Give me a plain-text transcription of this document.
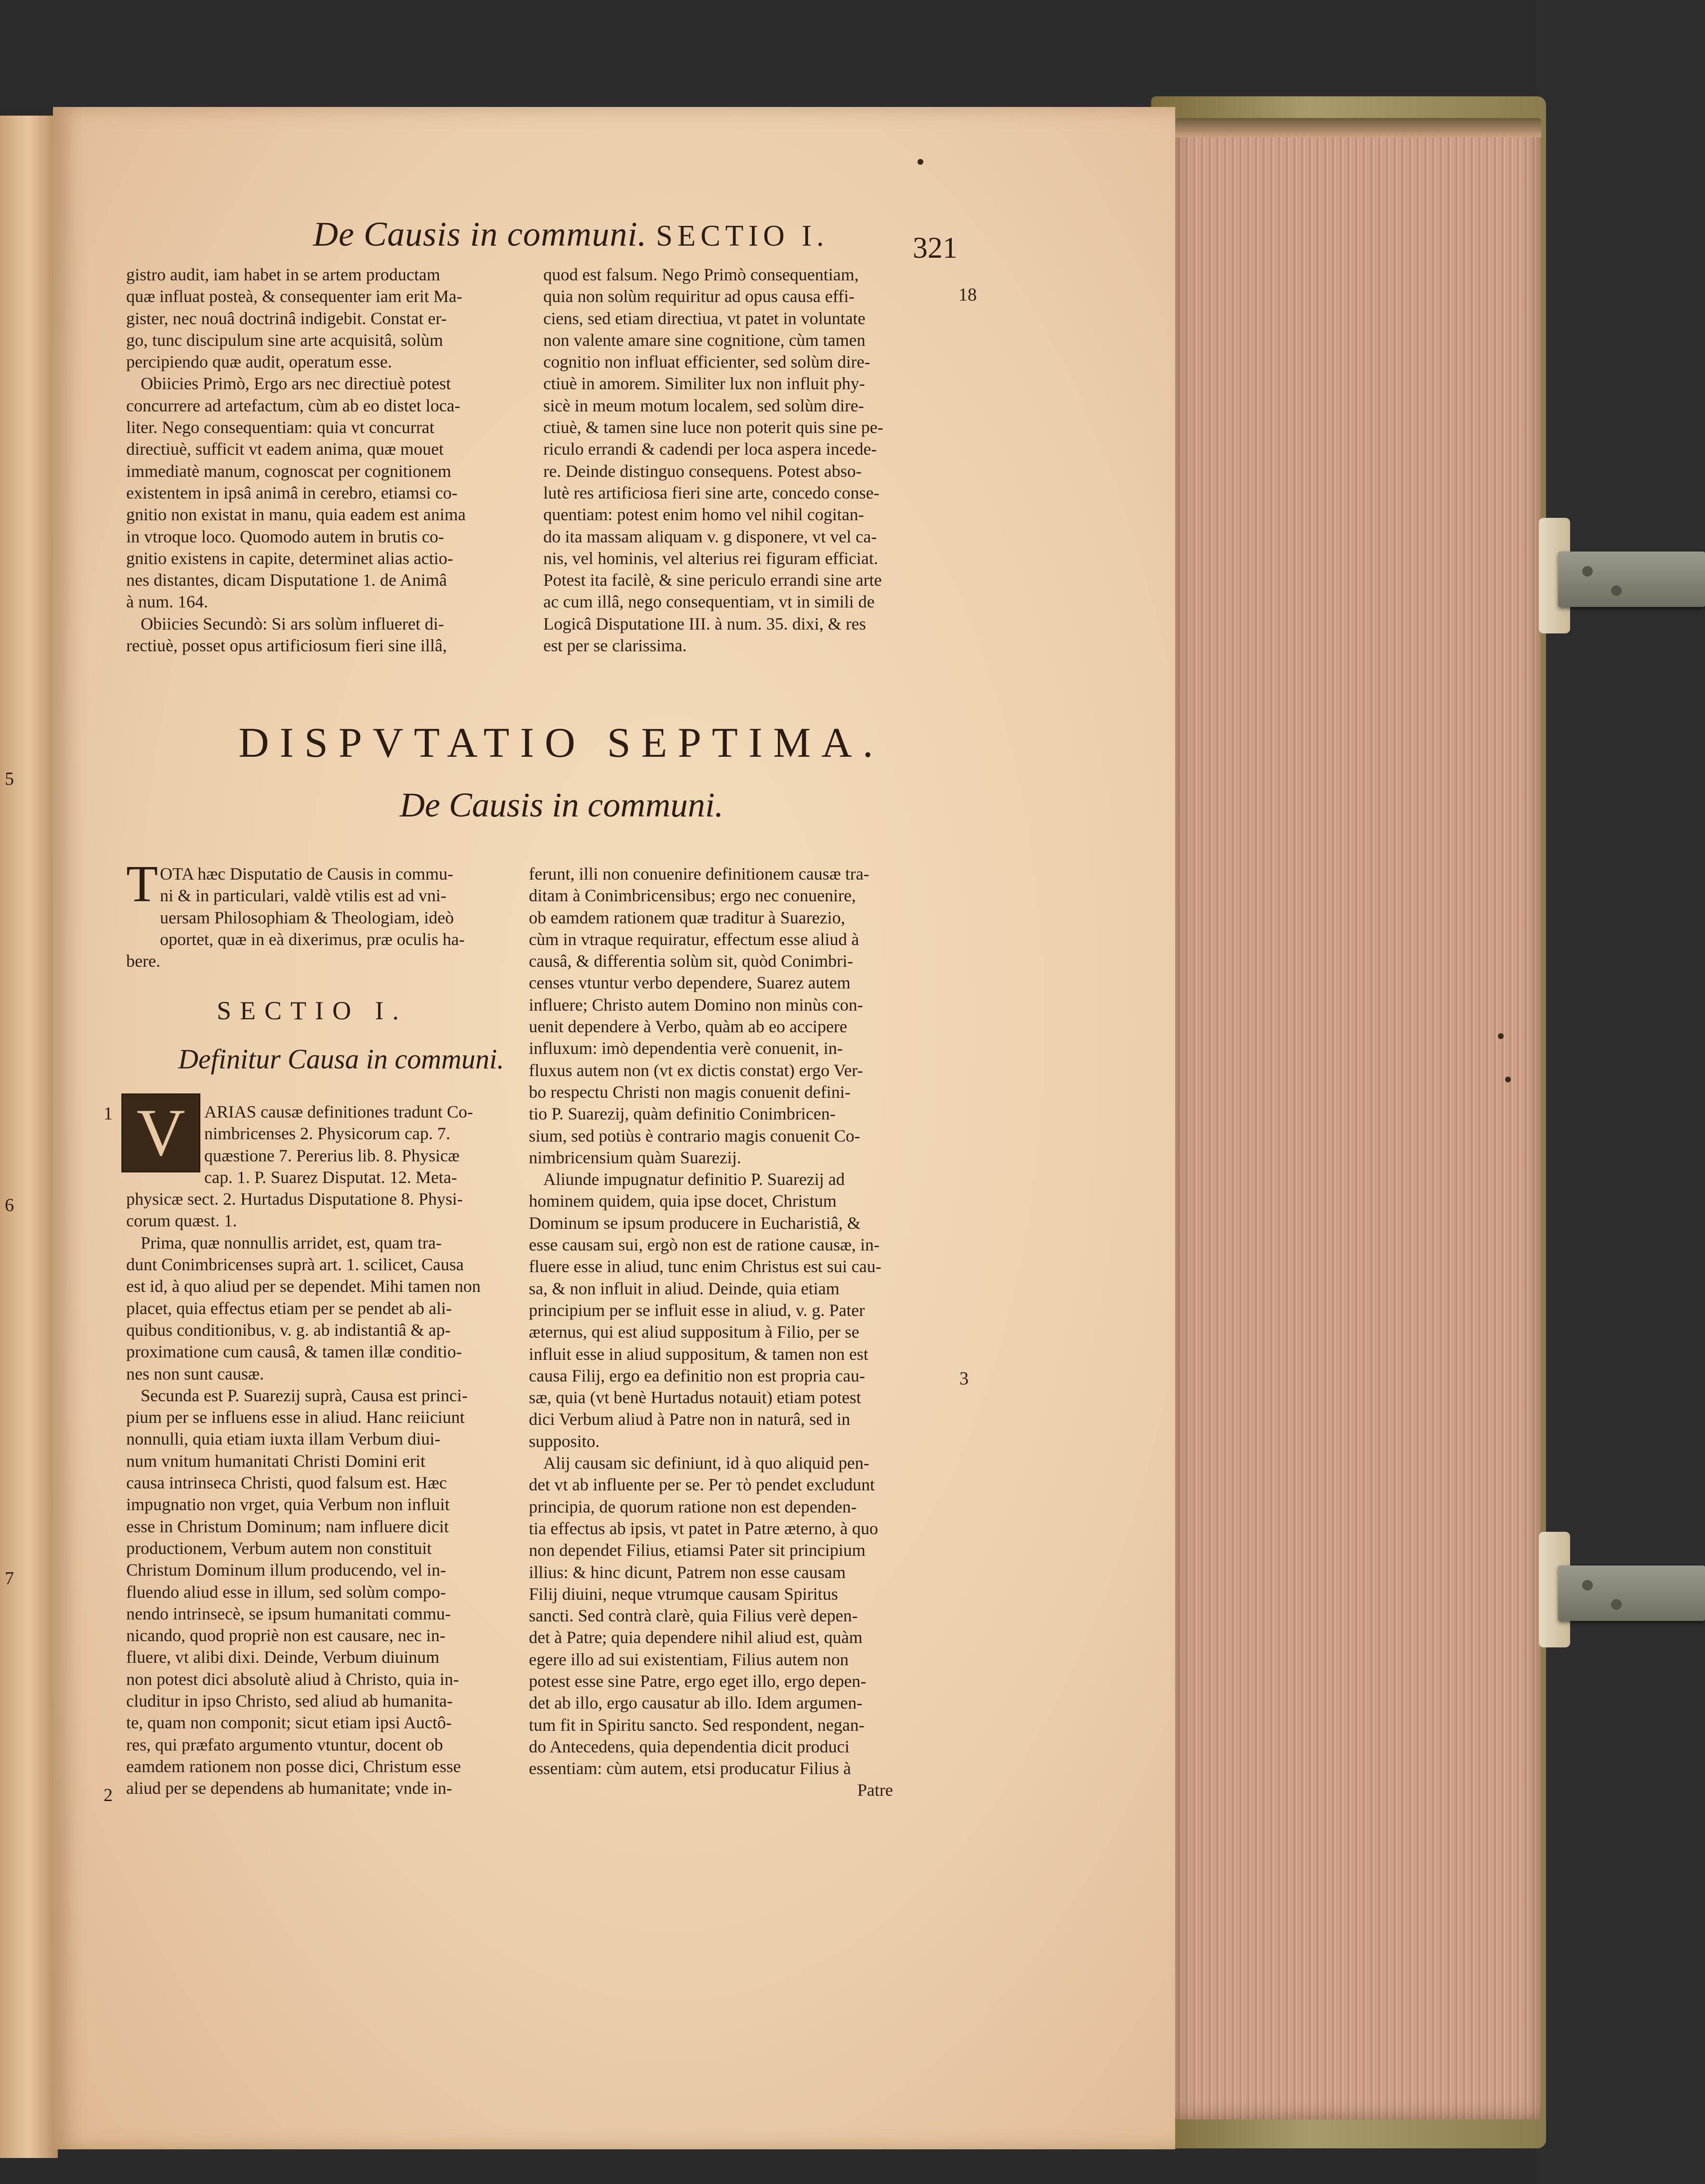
De Causis in communi. SECTIO I.	321
gistro audit, iam habet in se artem productam
quæ influat posteà, & consequenter iam erit Ma-
gister, nec nouâ doctrinâ indigebit. Constat er-
go, tunc discipulum sine arte acquisitâ, solùm
percipiendo quæ audit, operatum esse.
Obiicies Primò, Ergo ars nec directiuè potest
concurrere ad artefactum, cùm ab eo distet loca-
liter. Nego consequentiam: quia vt concurrat
directiuè, sufficit vt eadem anima, quæ mouet
immediatè manum, cognoscat per cognitionem
existentem in ipsâ animâ in cerebro, etiamsi co-
gnitio non existat in manu, quia eadem est anima
in vtroque loco. Quomodo autem in brutis co-
gnitio existens in capite, determinet alias actio-
nes distantes, dicam Disputatione 1. de Animâ
à num. 164.
Obiicies Secundò: Si ars solùm influeret di-
rectiuè, posset opus artificiosum fieri sine illâ,
quod est falsum. Nego Primò consequentiam,
quia non solùm requiritur ad opus causa effi-
ciens, sed etiam directiua, vt patet in voluntate
non valente amare sine cognitione, cùm tamen
cognitio non influat efficienter, sed solùm dire-
ctiuè in amorem. Similiter lux non influit phy-
sicè in meum motum localem, sed solùm dire-
ctiuè, & tamen sine luce non poterit quis sine pe-
riculo errandi & cadendi per loca aspera incede-
re. Deinde distinguo consequens. Potest abso-
lutè res artificiosa fieri sine arte, concedo conse-
quentiam: potest enim homo vel nihil cogitan-
do ita massam aliquam v. g disponere, vt vel ca-
nis, vel hominis, vel alterius rei figuram efficiat.
Potest ita facilè, & sine periculo errandi sine arte
ac cum illâ, nego consequentiam, vt in simili de
Logicâ Disputatione III. à num. 35. dixi, & res
est per se clarissima.
DISPVTATIO SEPTIMA.
De Causis in communi.
T OTA hæc Disputatio de Causis in commu-
ni & in particulari, valdè vtilis est ad vni-
uersam Philosophiam & Theologiam, ideò
oportet, quæ in eà dixerimus, præ oculis ha-
bere.
SECTIO I.
Definitur Causa in communi.
V	ARIAS causæ definitiones tradunt Co-
nimbricenses 2. Physicorum cap. 7.
quæstione 7. Pererius lib. 8. Physicæ
cap. 1. P. Suarez Disputat. 12. Meta-
physicæ sect. 2. Hurtadus Disputatione 8. Physi-
corum quæst. 1.
Prima, quæ nonnullis arridet, est, quam tra-
dunt Conimbricenses suprà art. 1. scilicet, Causa
est id, à quo aliud per se dependet. Mihi tamen non
placet, quia effectus etiam per se pendet ab ali-
quibus conditionibus, v. g. ab indistantiâ & ap-
proximatione cum causâ, & tamen illæ conditio-
nes non sunt causæ.
Secunda est P. Suarezij suprà, Causa est princi-
pium per se influens esse in aliud. Hanc reiiciunt
nonnulli, quia etiam iuxta illam Verbum diui-
num vnitum humanitati Christi Domini erit
causa intrinseca Christi, quod falsum est. Hæc
impugnatio non vrget, quia Verbum non influit
esse in Christum Dominum; nam influere dicit
productionem, Verbum autem non constituit
Christum Dominum illum producendo, vel in-
fluendo aliud esse in illum, sed solùm compo-
nendo intrinsecè, se ipsum humanitati commu-
nicando, quod propriè non est causare, nec in-
fluere, vt alibi dixi. Deinde, Verbum diuinum
non potest dici absolutè aliud à Christo, quia in-
cluditur in ipso Christo, sed aliud ab humanita-
te, quam non componit; sicut etiam ipsi Auctô-
res, qui præfato argumento vtuntur, docent ob
eamdem rationem non posse dici, Christum esse
aliud per se dependens ab humanitate; vnde in-
ferunt, illi non conuenire definitionem causæ tra-
ditam à Conimbricensibus; ergo nec conuenire,
ob eamdem rationem quæ traditur à Suarezio,
cùm in vtraque requiratur, effectum esse aliud à
causâ, & differentia solùm sit, quòd Conimbri-
censes vtuntur verbo dependere, Suarez autem
influere; Christo autem Domino non minùs con-
uenit dependere à Verbo, quàm ab eo accipere
influxum: imò dependentia verè conuenit, in-
fluxus autem non (vt ex dictis constat) ergo Ver-
bo respectu Christi non magis conuenit defini-
tio P. Suarezij, quàm definitio Conimbricen-
sium, sed potiùs è contrario magis conuenit Co-
nimbricensium quàm Suarezij.
Aliunde impugnatur definitio P. Suarezij ad
hominem quidem, quia ipse docet, Christum
Dominum se ipsum producere in Eucharistiâ, &
esse causam sui, ergò non est de ratione causæ, in-
fluere esse in aliud, tunc enim Christus est sui cau-
sa, & non influit in aliud. Deinde, quia etiam
principium per se influit esse in aliud, v. g. Pater
æternus, qui est aliud suppositum à Filio, per se
influit esse in aliud suppositum, & tamen non est
causa Filij, ergo ea definitio non est propria cau-
sæ, quia (vt benè Hurtadus notauit) etiam potest
dici Verbum aliud à Patre non in naturâ, sed in
supposito.
Alij causam sic definiunt, id à quo aliquid pen-
det vt ab influente per se. Per τὸ pendet excludunt
principia, de quorum ratione non est dependen-
tia effectus ab ipsis, vt patet in Patre æterno, à quo
non dependet Filius, etiamsi Pater sit principium
illius: & hinc dicunt, Patrem non esse causam
Filij diuini, neque vtrumque causam Spiritus
sancti. Sed contrà clarè, quia Filius verè depen-
det à Patre; quia dependere nihil aliud est, quàm
egere illo ad sui existentiam, Filius autem non
potest esse sine Patre, ergo eget illo, ergo depen-
det ab illo, ergo causatur ab illo. Idem argumen-
tum fit in Spiritu sancto. Sed respondent, negan-
do Antecedens, quia dependentia dicit produci
essentiam: cùm autem, etsi producatur Filius à
Patre
18
1
2
3
5
6
7
